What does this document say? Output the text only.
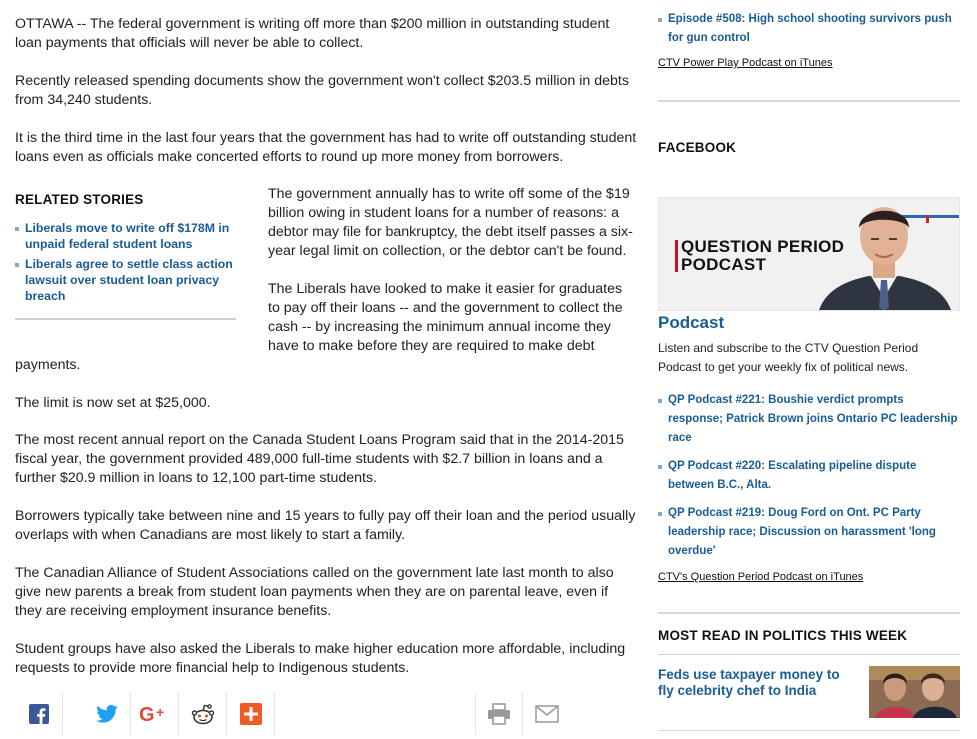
OTTAWA -- The federal government is writing off more than $200 million in outstanding student loan payments that officials will never be able to collect.

Recently released spending documents show the government won't collect $203.5 million in debts from 34,240 students.

It is the third time in the last four years that the government has had to write off outstanding student loans even as officials make concerted efforts to round up more money from borrowers.

RELATED STORIES
Liberals move to write off $178M in unpaid federal student loans
Liberals agree to settle class action lawsuit over student loan privacy breach

The government annually has to write off some of the $19 billion owing in student loans for a number of reasons: a debtor may file for bankruptcy, the debt itself passes a six-year legal limit on collection, or the debtor can't be found.

The Liberals have looked to make it easier for graduates to pay off their loans -- and the government to collect the cash -- by increasing the minimum annual income they have to make before they are required to make debt

payments.

The limit is now set at $25,000.

The most recent annual report on the Canada Student Loans Program said that in the 2014-2015 fiscal year, the government provided 489,000 full-time students with $2.7 billion in loans and a further $20.9 million in loans to 12,100 part-time students.

Borrowers typically take between nine and 15 years to fully pay off their loan and the period usually overlaps with when Canadians are most likely to start a family.

The Canadian Alliance of Student Associations called on the government late last month to also give new parents a break from student loan payments when they are on parental leave, even if they are receiving employment insurance benefits.

Student groups have also asked the Liberals to make higher education more affordable, including requests to provide more financial help to Indigenous students.

G +
Episode #508: High school shooting survivors push for gun control
CTV Power Play Podcast on iTunes
FACEBOOK
QUESTION PERIOD
PODCAST
Podcast
Listen and subscribe to the CTV Question Period Podcast to get your weekly fix of political news.
QP Podcast #221: Boushie verdict prompts response; Patrick Brown joins Ontario PC leadership race
QP Podcast #220: Escalating pipeline dispute between B.C., Alta.
QP Podcast #219: Doug Ford on Ont. PC Party leadership race; Discussion on harassment 'long overdue'
CTV's Question Period Podcast on iTunes
MOST READ IN POLITICS THIS WEEK
Feds use taxpayer money to fly celebrity chef to India
